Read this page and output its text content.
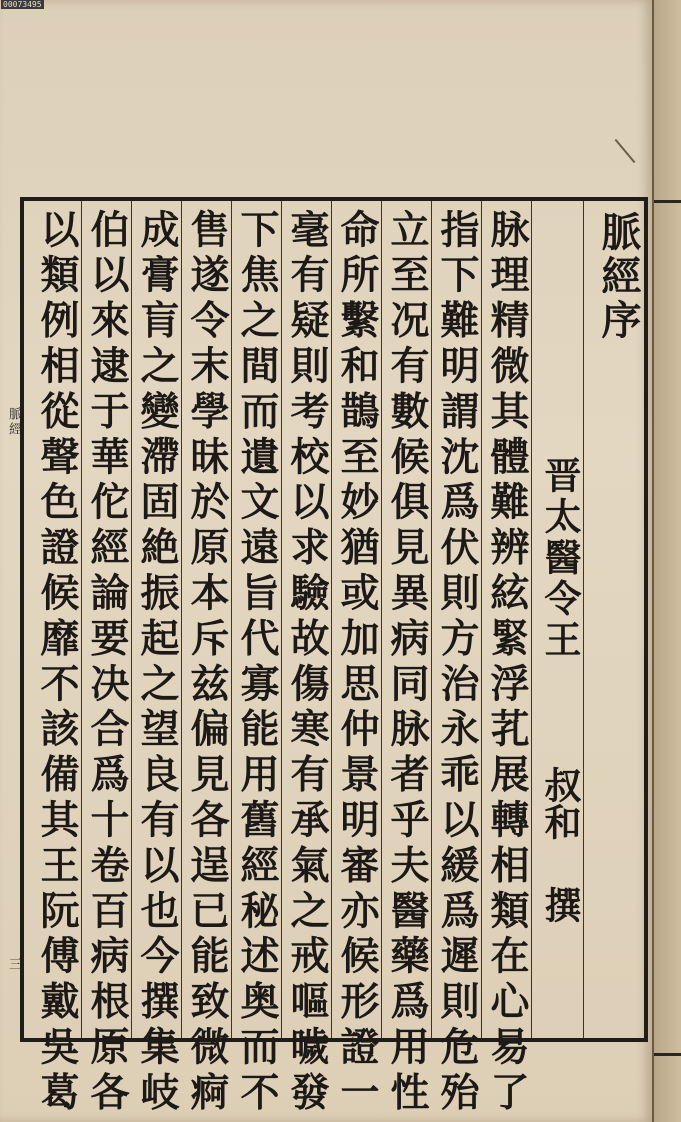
00073495
脈經
三
脈經序
晋太醫令王
叔和
撰
脉理精微其體難辨絃緊浮芤展轉相類在心易了
指下難明謂沈爲伏則方治永乖以緩爲遲則危殆
立至况有數候俱見異病同脉者乎夫醫藥爲用性
命所繫和鵲至妙猶或加思仲景明審亦候形證一
毫有疑則考校以求驗故傷寒有承氣之戒嘔噦發
下焦之間而遺文遠旨代寡能用舊經秘述奥而不
售遂令末學昧於原本斥兹偏見各逞已能致微痾
成膏肓之變滯固絶振起之望良有以也今撰集岐
伯以來逮于華佗經論要决合爲十卷百病根原各
以類例相從聲色證候靡不該備其王阮傅戴吳葛
